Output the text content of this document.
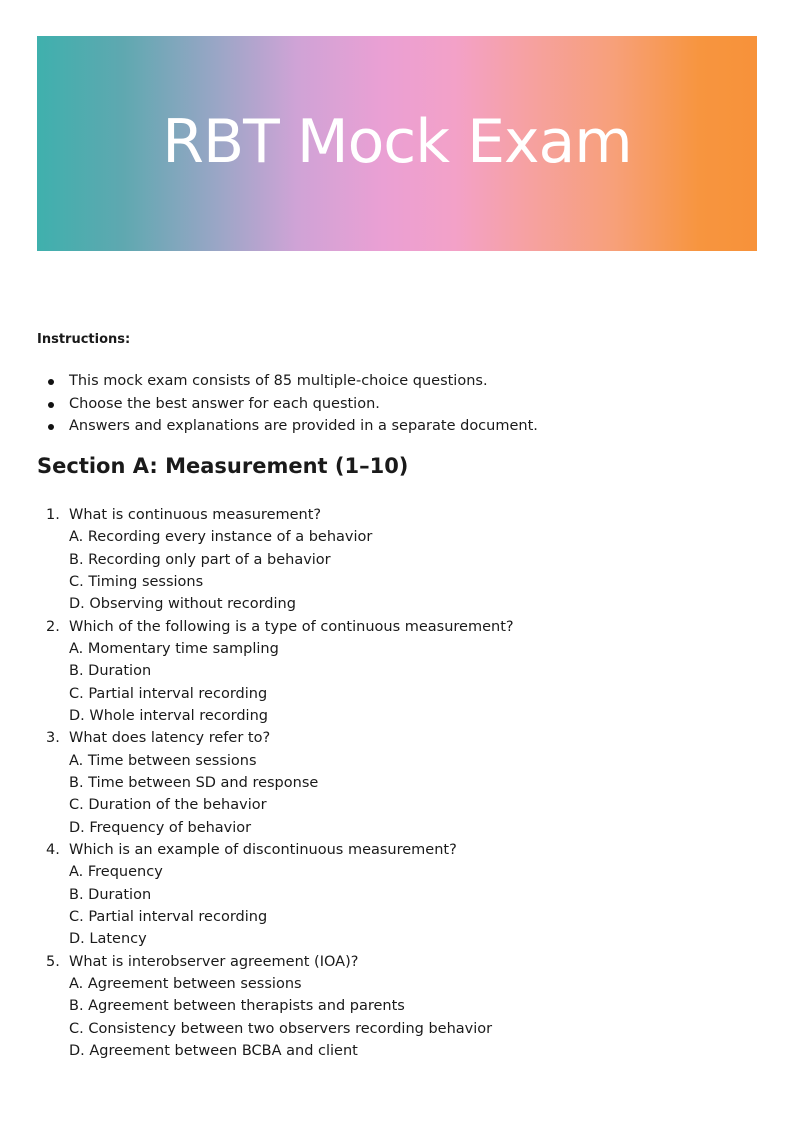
RBT Mock Exam
Instructions:
This mock exam consists of 85 multiple-choice questions.
Choose the best answer for each question.
Answers and explanations are provided in a separate document.
Section A: Measurement (1–10)
1. What is continuous measurement?
A. Recording every instance of a behavior
B. Recording only part of a behavior
C. Timing sessions
D. Observing without recording
2. Which of the following is a type of continuous measurement?
A. Momentary time sampling
B. Duration
C. Partial interval recording
D. Whole interval recording
3. What does latency refer to?
A. Time between sessions
B. Time between SD and response
C. Duration of the behavior
D. Frequency of behavior
4. Which is an example of discontinuous measurement?
A. Frequency
B. Duration
C. Partial interval recording
D. Latency
5. What is interobserver agreement (IOA)?
A. Agreement between sessions
B. Agreement between therapists and parents
C. Consistency between two observers recording behavior
D. Agreement between BCBA and client
